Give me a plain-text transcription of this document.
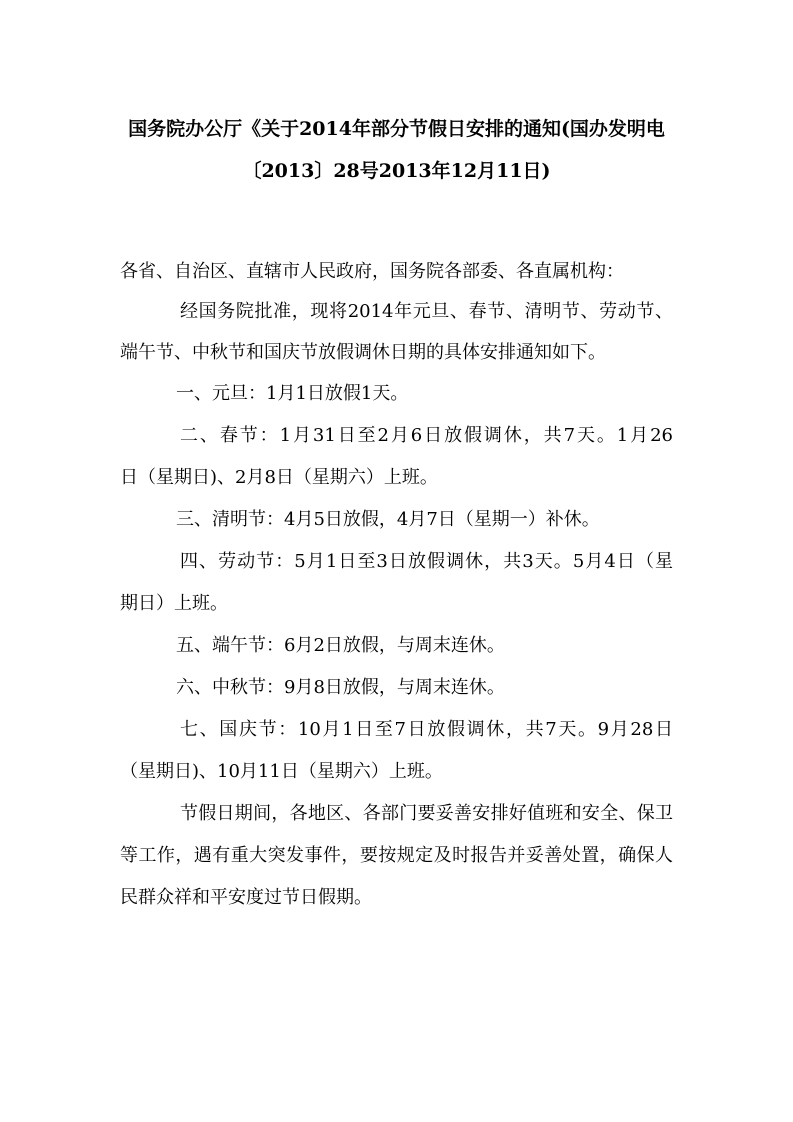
国务院办公厅《关于2014年部分节假日安排的通知(国办发明电
〔2013〕28号2013年12月11日)
各省、自治区、直辖市人民政府，国务院各部委、各直属机构：
经国务院批准，现将2014年元旦、春节、清明节、劳动节、
端午节、中秋节和国庆节放假调休日期的具体安排通知如下。
一、元旦：1月1日放假1天。
二、春节：1月31日至2月6日放假调休，共7天。1月26
日（星期日)、2月8日（星期六）上班。
三、清明节：4月5日放假，4月7日（星期一）补休。
四、劳动节：5月1日至3日放假调休，共3天。5月4日（星
期日）上班。
五、端午节：6月2日放假，与周末连休。
六、中秋节：9月8日放假，与周末连休。
七、国庆节：10月1日至7日放假调休，共7天。9月28日
（星期日)、10月11日（星期六）上班。
节假日期间，各地区、各部门要妥善安排好值班和安全、保卫
等工作，遇有重大突发事件，要按规定及时报告并妥善处置，确保人
民群众祥和平安度过节日假期。
